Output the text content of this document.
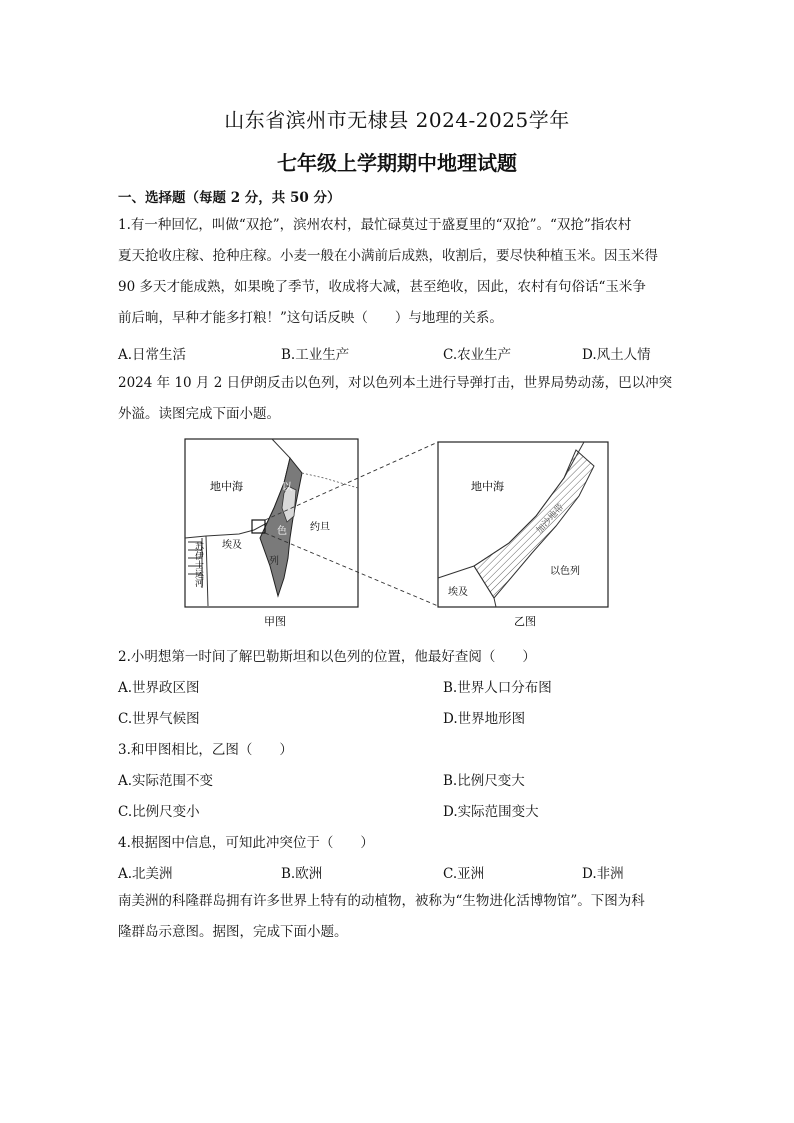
山东省滨州市无棣县 2024-2025学年
七年级上学期期中地理试题
一、选择题（每题 2 分，共 50 分）

1.有一种回忆，叫做“双抢”，滨州农村，最忙碌莫过于盛夏里的“双抢”。“双抢”指农村

夏天抢收庄稼、抢种庄稼。小麦一般在小满前后成熟，收割后，要尽快种植玉米。因玉米得

90 多天才能成熟，如果晚了季节，收成将大减，甚至绝收，因此，农村有句俗话“玉米争

前后晌，早种才能多打粮！”这句话反映（　　）与地理的关系。

A.日常生活	B.工业生产	C.农业生产	D.风土人情

2024 年 10 月 2 日伊朗反击以色列，对以色列本土进行导弹打击，世界局势动荡，巴以冲突

外溢。读图完成下面小题。

地中海	以
色
列
约旦
埃及
苏伊士运河
地中海
加沙地带
以色列
埃及
甲图	乙图
2.小明想第一时间了解巴勒斯坦和以色列的位置，他最好查阅（　　）
A.世界政区图	B.世界人口分布图
C.世界气候图	D.世界地形图
3.和甲图相比，乙图（　　）
A.实际范围不变	B.比例尺变大
C.比例尺变小	D.实际范围变大
4.根据图中信息，可知此冲突位于（　　）
A.北美洲	B.欧洲	C.亚洲	D.非洲

南美洲的科隆群岛拥有许多世界上特有的动植物，被称为“生物进化活博物馆”。下图为科

隆群岛示意图。据图，完成下面小题。
